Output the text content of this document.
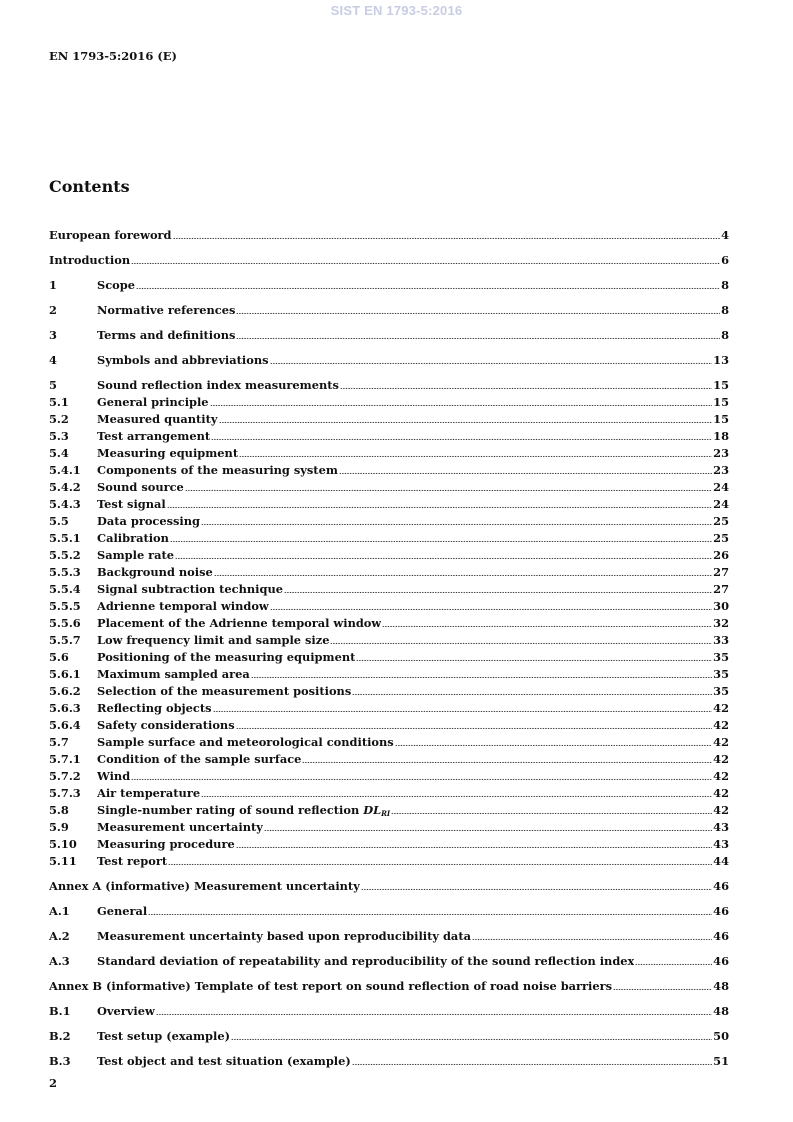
SIST EN 1793-5:2016
EN 1793-5:2016 (E)
Contents
European foreword	4
Introduction	6
1	Scope	8
2	Normative references	8
3	Terms and definitions	8
4	Symbols and abbreviations	13
5	Sound reflection index measurements	15
5.1	General principle	15
5.2	Measured quantity	15
5.3	Test arrangement	18
5.4	Measuring equipment	23
5.4.1	Components of the measuring system	23
5.4.2	Sound source	24
5.4.3	Test signal	24
5.5	Data processing	25
5.5.1	Calibration	25
5.5.2	Sample rate	26
5.5.3	Background noise	27
5.5.4	Signal subtraction technique	27
5.5.5	Adrienne temporal window	30
5.5.6	Placement of the Adrienne temporal window	32
5.5.7	Low frequency limit and sample size	33
5.6	Positioning of the measuring equipment	35
5.6.1	Maximum sampled area	35
5.6.2	Selection of the measurement positions	35
5.6.3	Reflecting objects	42
5.6.4	Safety considerations	42
5.7	Sample surface and meteorological conditions	42
5.7.1	Condition of the sample surface	42
5.7.2	Wind	42
5.7.3	Air temperature	42
5.8	Single-number rating of sound reflection $DL_{RI}$	42
5.9	Measurement uncertainty	43
5.10	Measuring procedure	43
5.11	Test report	44
Annex A (informative) Measurement uncertainty	46
A.1	General	46
A.2	Measurement uncertainty based upon reproducibility data	46
A.3	Standard deviation of repeatability and reproducibility of the sound reflection index	46
Annex B (informative) Template of test report on sound reflection of road noise barriers	48
B.1	Overview	48
B.2	Test setup (example)	50
B.3	Test object and test situation (example)	51
2
